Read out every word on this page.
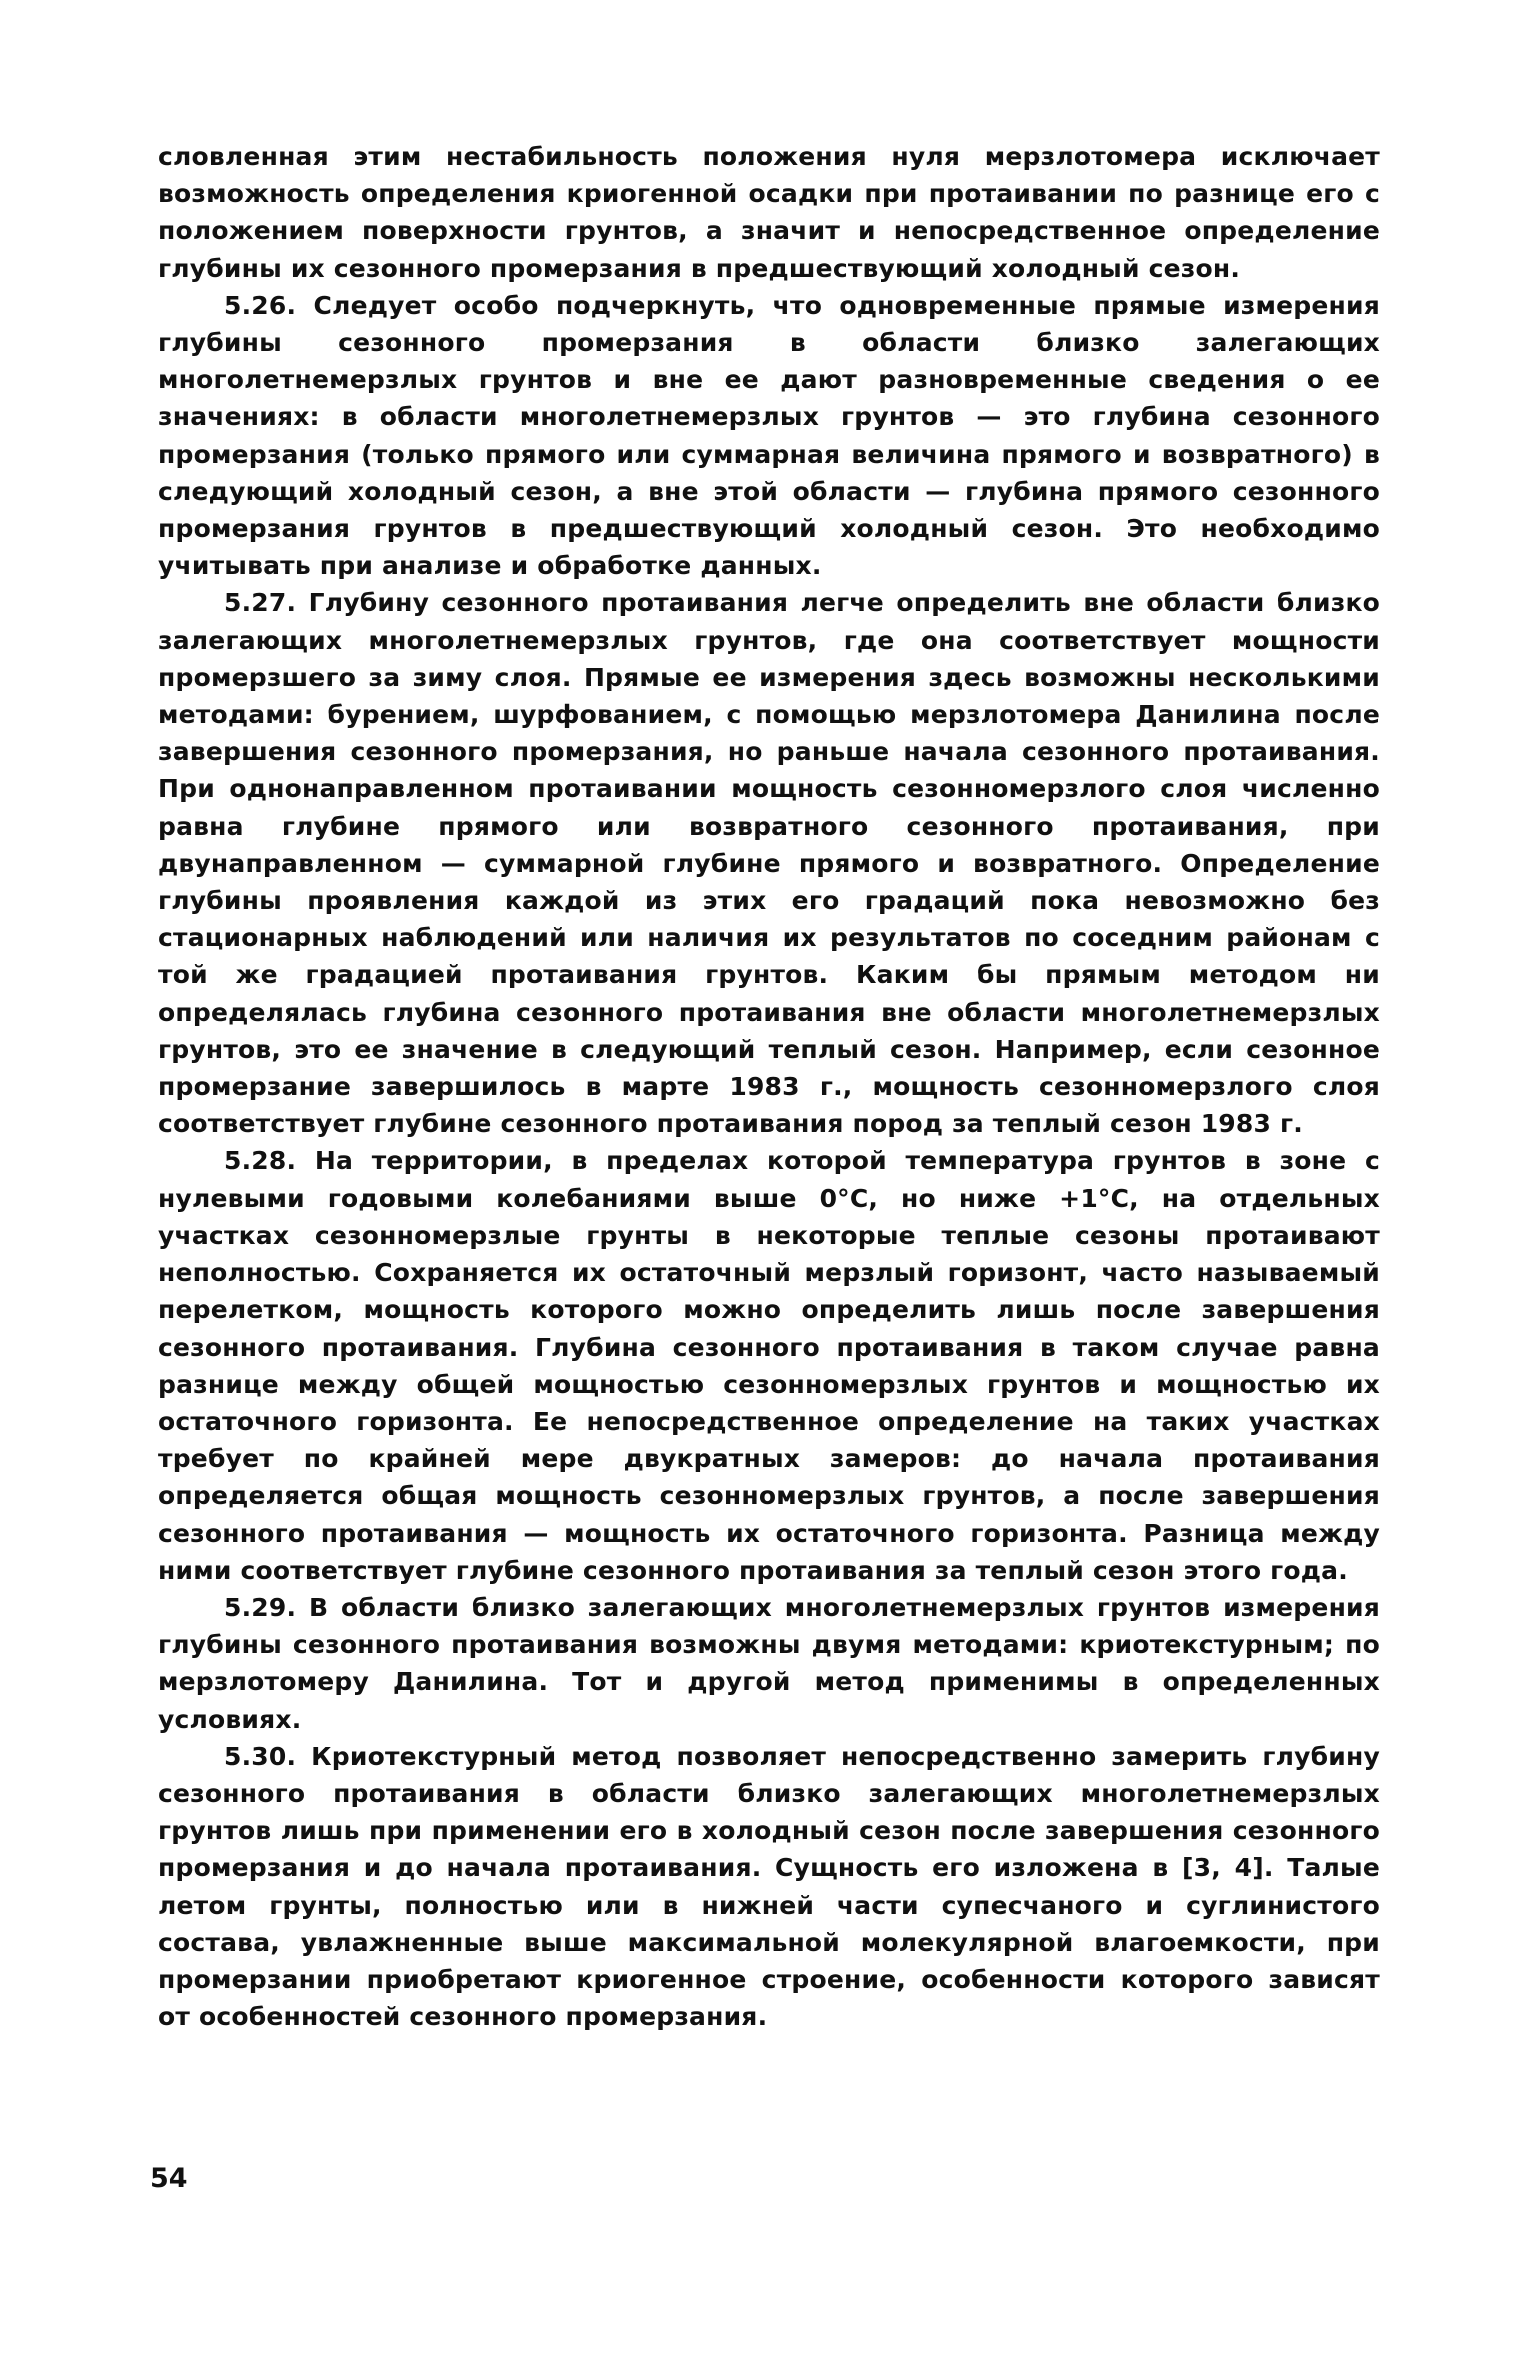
словленная этим нестабильность положения нуля мерзлотомера исключает возможность определения криогенной осадки при протаивании по разнице его с положением поверхности грунтов, а значит и непосредственное определение глубины их сезонного промерзания в предшествующий холодный сезон.

5.26. Следует особо подчеркнуть, что одновременные прямые измерения глубины сезонного промерзания в области близко залегающих многолетнемерзлых грунтов и вне ее дают разновременные сведения о ее значениях: в области многолетнемерзлых грунтов — это глубина сезонного промерзания (только прямого или суммарная величина прямого и возвратного) в следующий холодный сезон, а вне этой области — глубина прямого сезонного промерзания грунтов в предшествующий холодный сезон. Это необходимо учитывать при анализе и обработке данных.

5.27. Глубину сезонного протаивания легче определить вне области близко залегающих многолетнемерзлых грунтов, где она соответствует мощности промерзшего за зиму слоя. Прямые ее измерения здесь возможны несколькими методами: бурением, шурфованием, с помощью мерзлотомера Данилина после завершения сезонного промерзания, но раньше начала сезонного протаивания. При однонаправленном протаивании мощность сезонномерзлого слоя численно равна глубине прямого или возвратного сезонного протаивания, при двунаправленном — суммарной глубине прямого и возвратного. Определение глубины проявления каждой из этих его градаций пока невозможно без стационарных наблюдений или наличия их результатов по соседним районам с той же градацией протаивания грунтов. Каким бы прямым методом ни определялась глубина сезонного протаивания вне области многолетнемерзлых грунтов, это ее значение в следующий теплый сезон. Например, если сезонное промерзание завершилось в марте 1983 г., мощность сезонномерзлого слоя соответствует глубине сезонного протаивания пород за теплый сезон 1983 г.

5.28. На территории, в пределах которой температура грунтов в зоне с нулевыми годовыми колебаниями выше 0°С, но ниже +1°С, на отдельных участках сезонномерзлые грунты в некоторые теплые сезоны протаивают неполностью. Сохраняется их остаточный мерзлый горизонт, часто называемый перелетком, мощность которого можно определить лишь после завершения сезонного протаивания. Глубина сезонного протаивания в таком случае равна разнице между общей мощностью сезонномерзлых грунтов и мощностью их остаточного горизонта. Ее непосредственное определение на таких участках требует по крайней мере двукратных замеров: до начала протаивания определяется общая мощность сезонномерзлых грунтов, а после завершения сезонного протаивания — мощность их остаточного горизонта. Разница между ними соответствует глубине сезонного протаивания за теплый сезон этого года.

5.29. В области близко залегающих многолетнемерзлых грунтов измерения глубины сезонного протаивания возможны двумя методами: криотекстурным; по мерзлотомеру Данилина. Тот и другой метод применимы в определенных условиях.

5.30. Криотекстурный метод позволяет непосредственно замерить глубину сезонного протаивания в области близко залегающих многолетнемерзлых грунтов лишь при применении его в холодный сезон после завершения сезонного промерзания и до начала протаивания. Сущность его изложена в [3, 4]. Талые летом грунты, полностью или в нижней части супесчаного и суглинистого состава, увлажненные выше максимальной молекулярной влагоемкости, при промерзании приобретают криогенное строение, особенности которого зависят от особенностей сезонного промерзания.

54
